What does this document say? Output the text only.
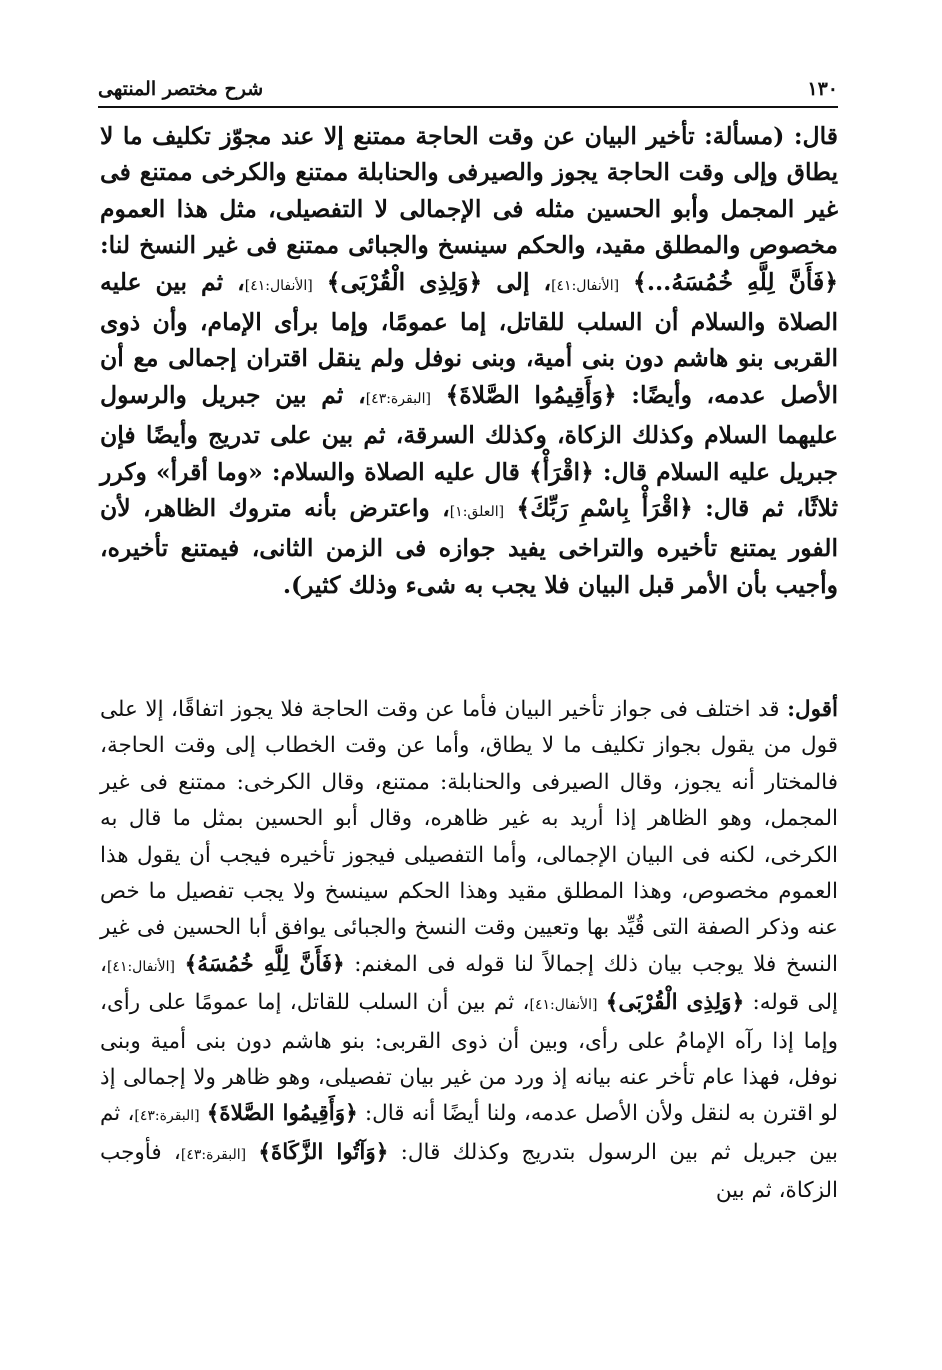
١٣٠
شرح مختصر المنتهى

قال: (مسألة: تأخير البيان عن وقت الحاجة ممتنع إلا عند مجوّز تكليف ما لا يطاق وإلى وقت الحاجة يجوز والصيرفى والحنابلة ممتنع والكرخى ممتنع فى غير المجمل وأبو الحسين مثله فى الإجمالى لا التفصيلى، مثل هذا العموم مخصوص والمطلق مقيد، والحكم سينسخ والجبائى ممتنع فى غير النسخ لنا: ﴿فَأَنَّ لِلَّهِ خُمُسَهُ...﴾ [الأنفال:٤١]، إلى ﴿وَلِذِى الْقُرْبَى﴾ [الأنفال:٤١]، ثم بين عليه الصلاة والسلام أن السلب للقاتل، إما عمومًا، وإما برأى الإمام، وأن ذوى القربى بنو هاشم دون بنى أمية، وبنى نوفل ولم ينقل اقتران إجمالى مع أن الأصل عدمه، وأيضًا: ﴿وَأَقِيمُوا الصَّلاةَ﴾ [البقرة:٤٣]، ثم بين جبريل والرسول عليهما السلام وكذلك الزكاة، وكذلك السرقة، ثم بين على تدريج وأيضًا فإن جبريل عليه السلام قال: ﴿اقْرَأْ﴾ قال عليه الصلاة والسلام: «وما أقرأ» وكرر ثلاثًا، ثم قال: ﴿اقْرَأْ بِاسْمِ رَبِّكَ﴾ [العلق:١]، واعترض بأنه متروك الظاهر، لأن الفور يمتنع تأخيره والتراخى يفيد جوازه فى الزمن الثانى، فيمتنع تأخيره، وأجيب بأن الأمر قبل البيان فلا يجب به شىء وذلك كثير).

أقول: قد اختلف فى جواز تأخير البيان فأما عن وقت الحاجة فلا يجوز اتفاقًا، إلا على قول من يقول بجواز تكليف ما لا يطاق، وأما عن وقت الخطاب إلى وقت الحاجة، فالمختار أنه يجوز، وقال الصيرفى والحنابلة: ممتنع، وقال الكرخى: ممتنع فى غير المجمل، وهو الظاهر إذا أريد به غير ظاهره، وقال أبو الحسين بمثل ما قال به الكرخى، لكنه فى البيان الإجمالى، وأما التفصيلى فيجوز تأخيره فيجب أن يقول هذا العموم مخصوص، وهذا المطلق مقيد وهذا الحكم سينسخ ولا يجب تفصيل ما خص عنه وذكر الصفة التى قُيِّد بها وتعيين وقت النسخ والجبائى يوافق أبا الحسين فى غير النسخ فلا يوجب بيان ذلك إجمالاً لنا قوله فى المغنم: ﴿فَأَنَّ لِلَّهِ خُمُسَهُ﴾ [الأنفال:٤١]، إلى قوله: ﴿وَلِذِى الْقُرْبَى﴾ [الأنفال:٤١]، ثم بين أن السلب للقاتل، إما عمومًا على رأى، وإما إذا رآه الإمامُ على رأى، وبين أن ذوى القربى: بنو هاشم دون بنى أمية وبنى نوفل، فهذا عام تأخر عنه بيانه إذ ورد من غير بيان تفصيلى، وهو ظاهر ولا إجمالى إذ لو اقترن به لنقل ولأن الأصل عدمه، ولنا أيضًا أنه قال: ﴿وَأَقِيمُوا الصَّلاةَ﴾ [البقرة:٤٣]، ثم بين جبريل ثم بين الرسول بتدريج وكذلك قال: ﴿وَآتُوا الزَّكَاةَ﴾ [البقرة:٤٣]، فأوجب الزكاة، ثم بين
